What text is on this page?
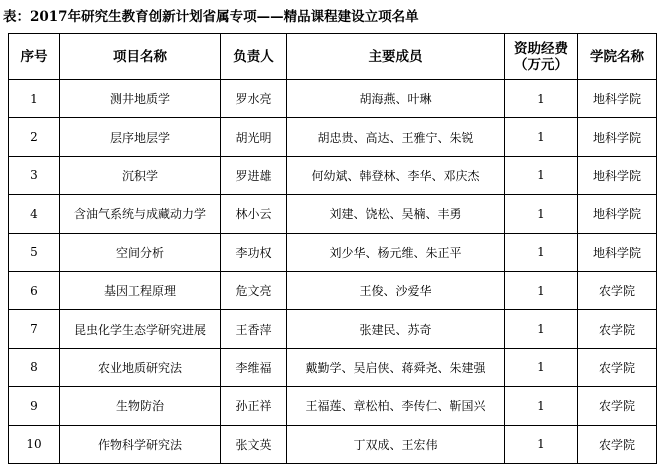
表：2017年研究生教育创新计划省属专项——精品课程建设立项名单
序号	项目名称	负责人	主要成员	资助经费（万元）	学院名称
1	测井地质学	罗水亮	胡海燕、叶琳	1	地科学院
2	层序地层学	胡光明	胡忠贵、高达、王雅宁、朱锐	1	地科学院
3	沉积学	罗进雄	何幼斌、韩登林、李华、邓庆杰	1	地科学院
4	含油气系统与成藏动力学	林小云	刘建、饶松、吴楠、丰勇	1	地科学院
5	空间分析	李功权	刘少华、杨元维、朱正平	1	地科学院
6	基因工程原理	危文亮	王俊、沙爱华	1	农学院
7	昆虫化学生态学研究进展	王香萍	张建民、苏奇	1	农学院
8	农业地质研究法	李维福	戴勤学、吴启侠、蒋舜尧、朱建强	1	农学院
9	生物防治	孙正祥	王福莲、章松柏、李传仁、靳国兴	1	农学院
10	作物科学研究法	张文英	丁双成、王宏伟	1	农学院
